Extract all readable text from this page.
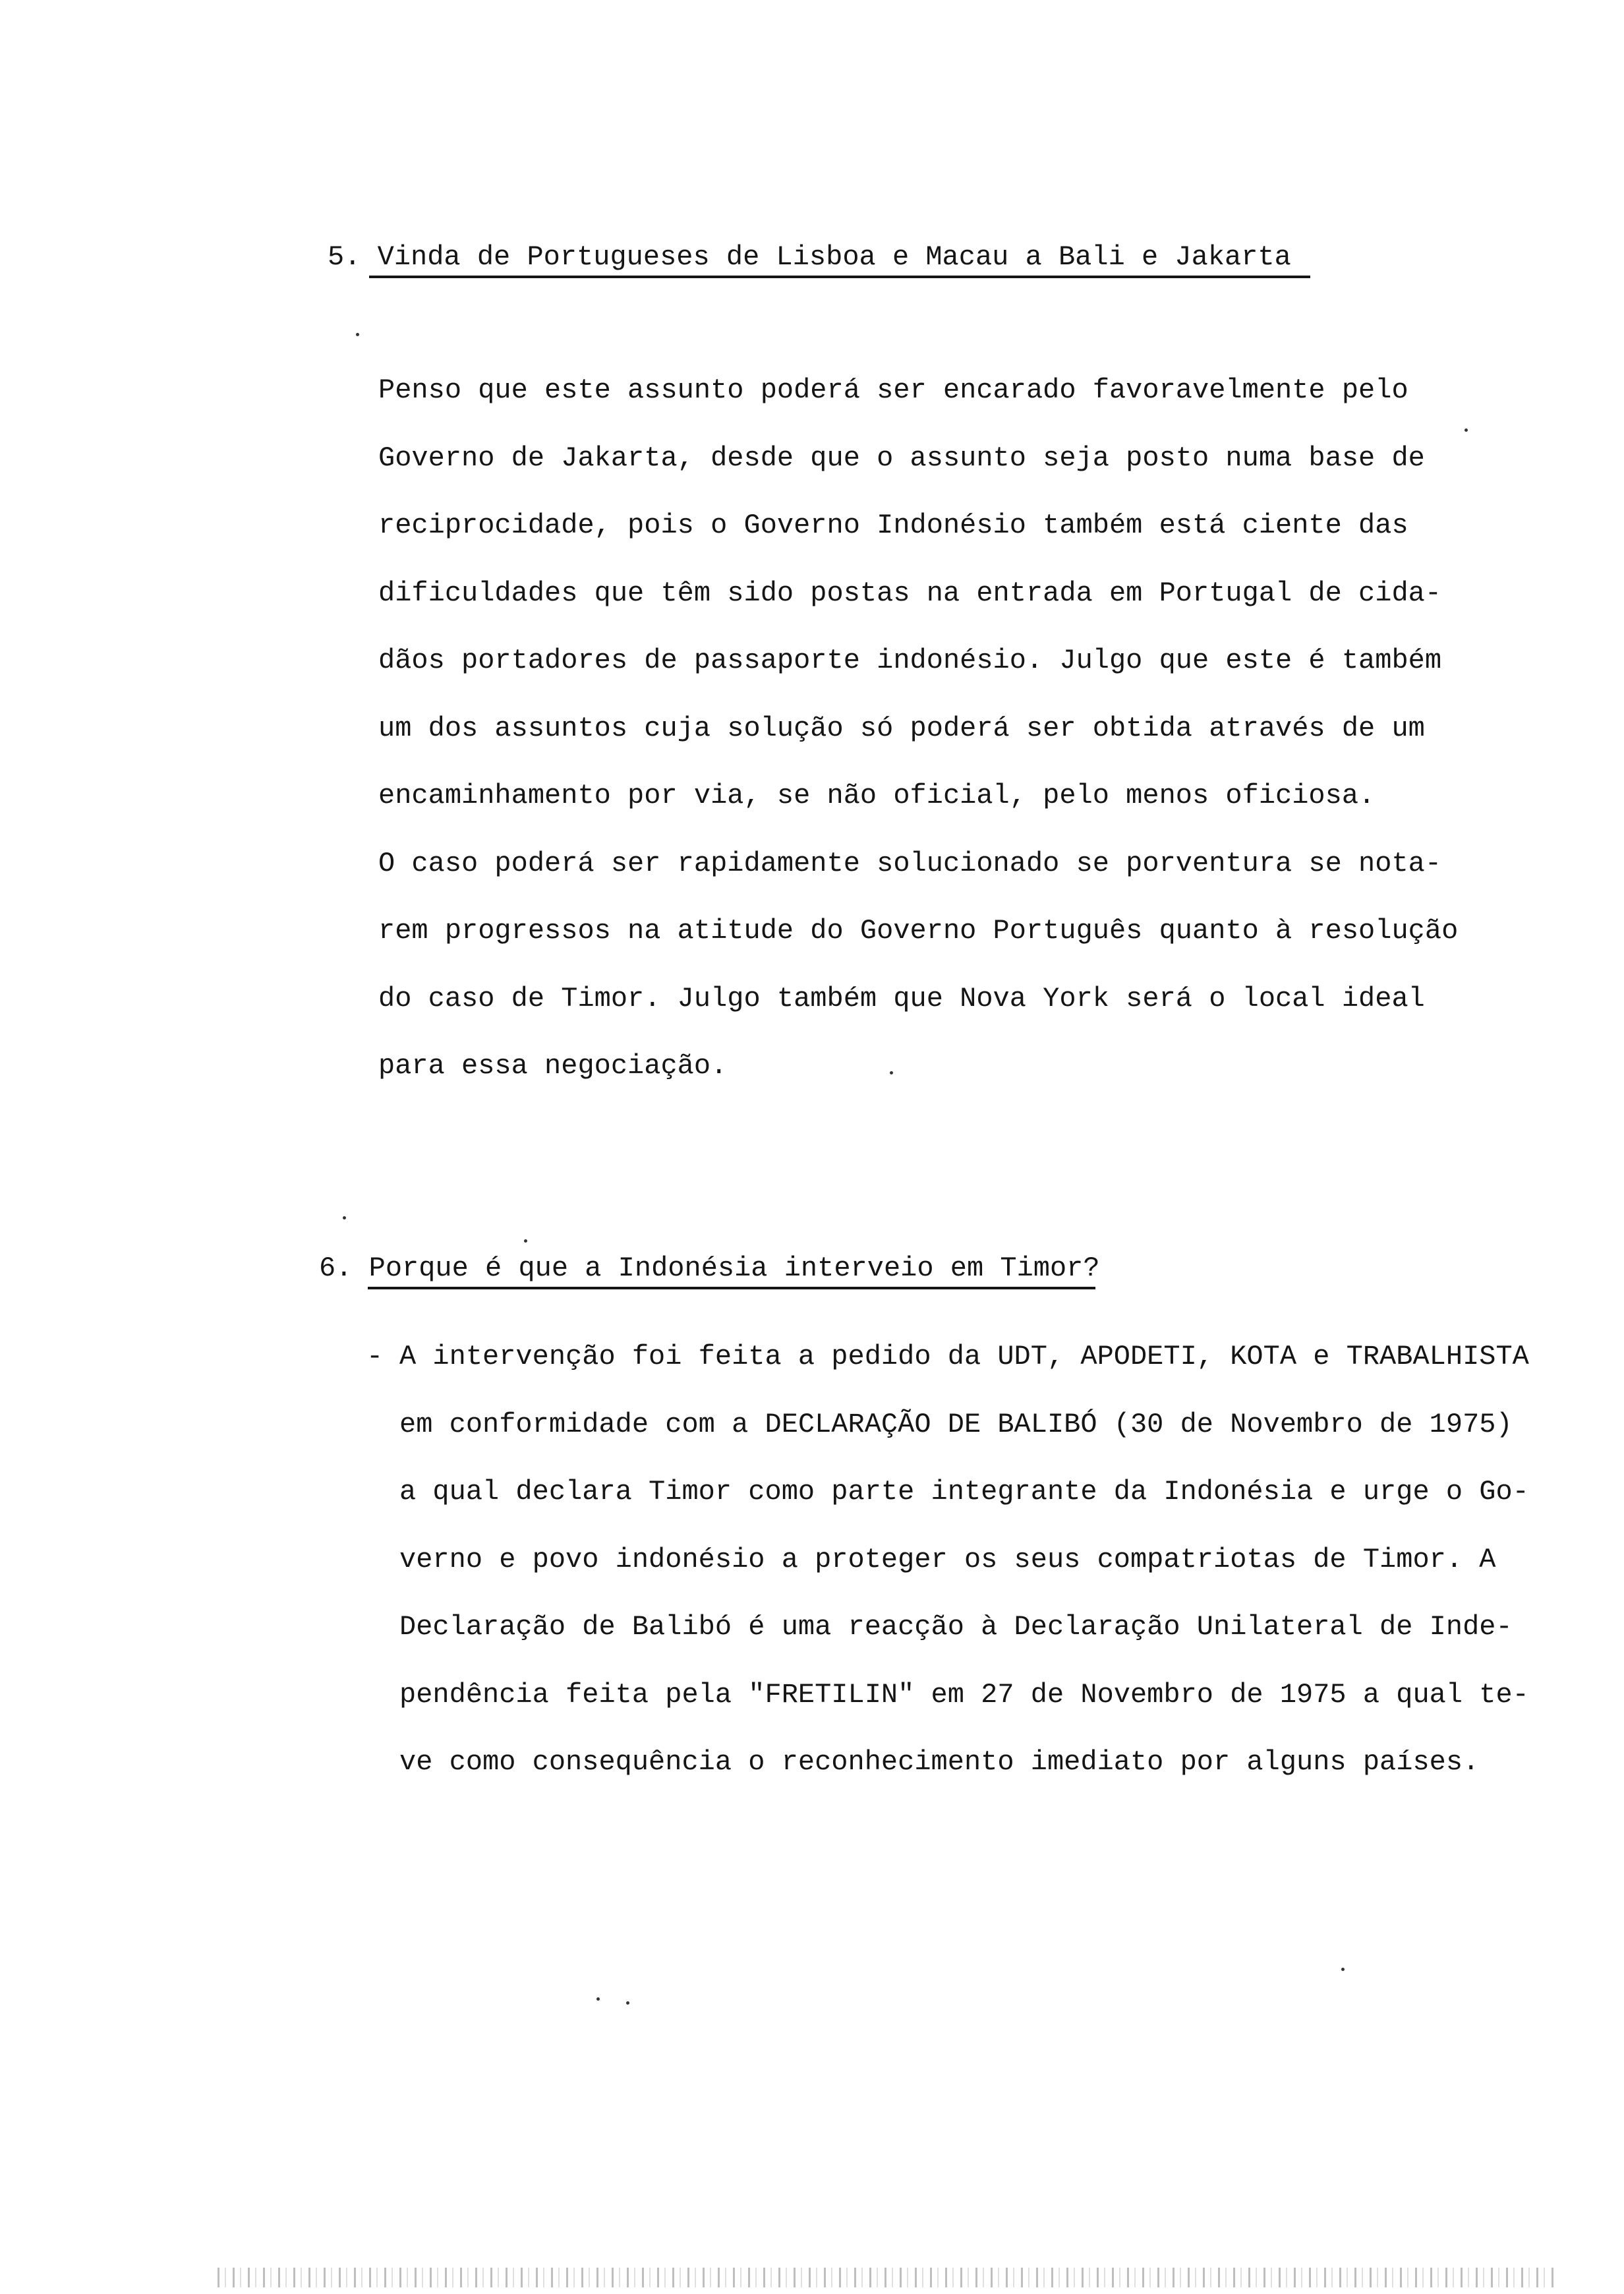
5. Vinda de Portugueses de Lisboa e Macau a Bali e Jakarta
Penso que este assunto poderá ser encarado favoravelmente pelo
Governo de Jakarta, desde que o assunto seja posto numa base de
reciprocidade, pois o Governo Indonésio também está ciente das
dificuldades que têm sido postas na entrada em Portugal de cida-
dãos portadores de passaporte indonésio. Julgo que este é também
um dos assuntos cuja solução só poderá ser obtida através de um
encaminhamento por via, se não oficial, pelo menos oficiosa.
O caso poderá ser rapidamente solucionado se porventura se nota-
rem progressos na atitude do Governo Português quanto à resolução
do caso de Timor. Julgo também que Nova York será o local ideal
para essa negociação.
6. Porque é que a Indonésia interveio em Timor?
- A intervenção foi feita a pedido da UDT, APODETI, KOTA e TRABALHISTA
em conformidade com a DECLARAÇÃO DE BALIBÓ (30 de Novembro de 1975)
a qual declara Timor como parte integrante da Indonésia e urge o Go-
verno e povo indonésio a proteger os seus compatriotas de Timor. A
Declaração de Balibó é uma reacção à Declaração Unilateral de Inde-
pendência feita pela "FRETILIN" em 27 de Novembro de 1975 a qual te-
ve como consequência o reconhecimento imediato por alguns países.
